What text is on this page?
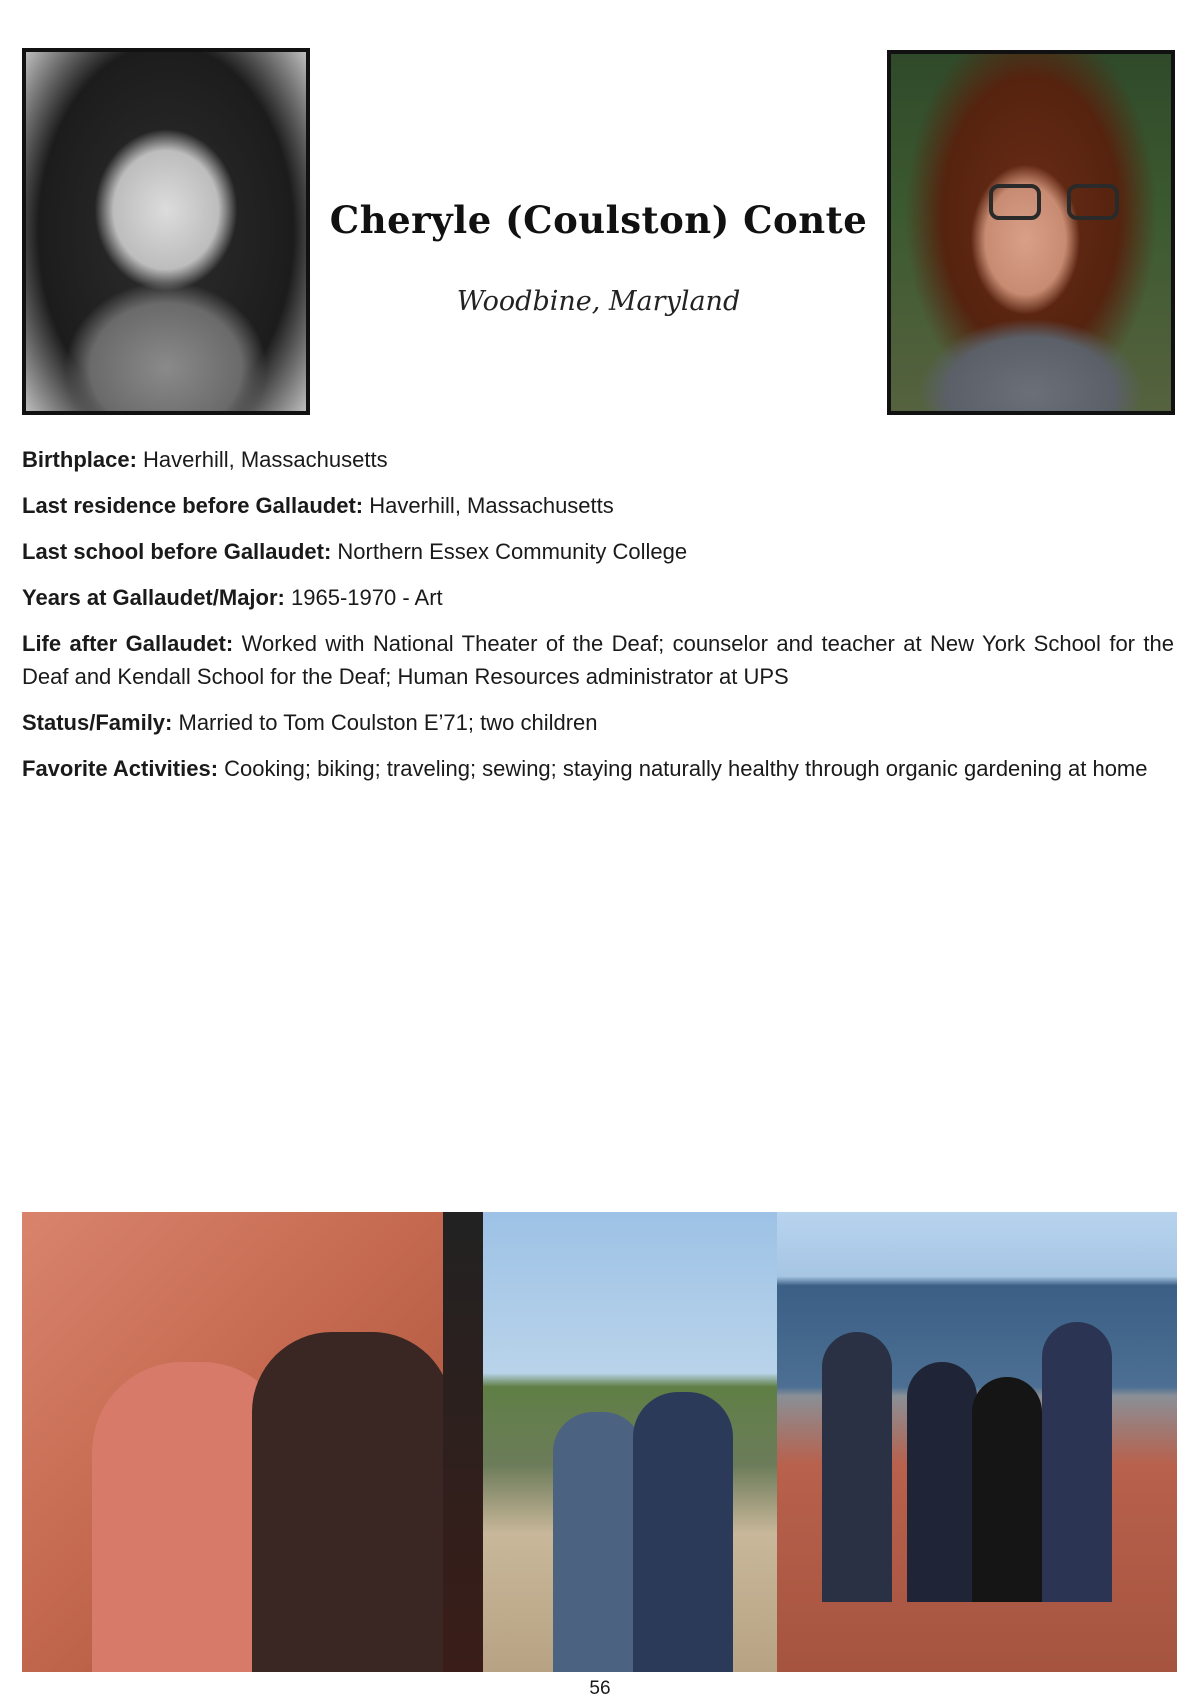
Cheryle (Coulston) Conte

Woodbine, Maryland

Birthplace: Haverhill, Massachusetts

Last residence before Gallaudet: Haverhill, Massachusetts

Last school before Gallaudet: Northern Essex Community College

Years at Gallaudet/Major: 1965-1970 - Art

Life after Gallaudet: Worked with National Theater of the Deaf; counselor and teacher at New York School for the Deaf and Kendall School for the Deaf; Human Resources administrator at UPS

Status/Family: Married to Tom Coulston E’71; two children

Favorite Activities: Cooking; biking; traveling; sewing; staying naturally healthy through organic gardening at home

56
